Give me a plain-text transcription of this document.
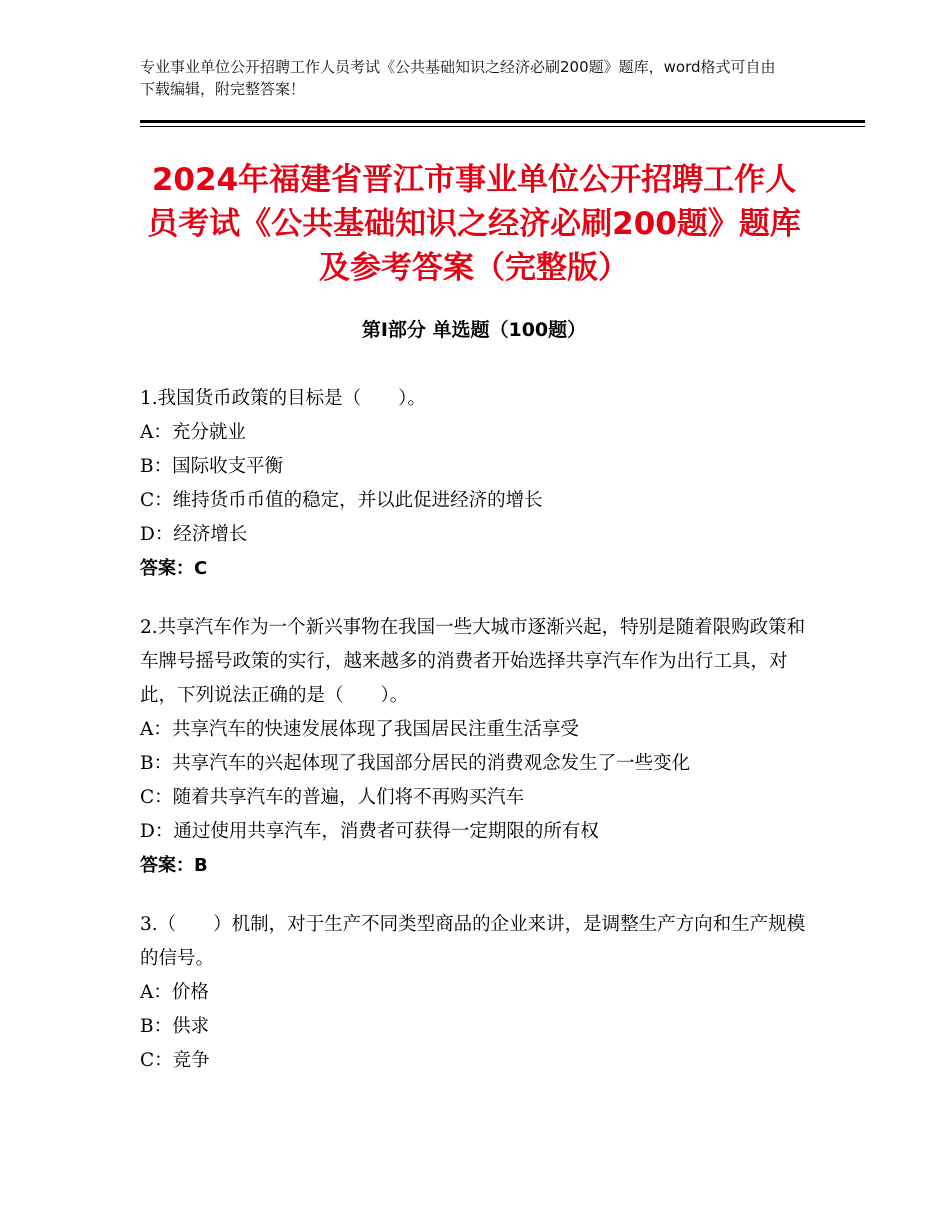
专业事业单位公开招聘工作人员考试《公共基础知识之经济必刷200题》题库，word格式可自由下载编辑，附完整答案！
2024年福建省晋江市事业单位公开招聘工作人员考试《公共基础知识之经济必刷200题》题库及参考答案（完整版）
第Ⅰ部分 单选题（100题）

1.我国货币政策的目标是（　　）。

A：充分就业

B：国际收支平衡

C：维持货币币值的稳定，并以此促进经济的增长

D：经济增长

答案：C

2.共享汽车作为一个新兴事物在我国一些大城市逐渐兴起，特别是随着限购政策和车牌号摇号政策的实行，越来越多的消费者开始选择共享汽车作为出行工具，对此，下列说法正确的是（　　）。

A：共享汽车的快速发展体现了我国居民注重生活享受

B：共享汽车的兴起体现了我国部分居民的消费观念发生了一些变化

C：随着共享汽车的普遍，人们将不再购买汽车

D：通过使用共享汽车，消费者可获得一定期限的所有权

答案：B

3.（　　）机制，对于生产不同类型商品的企业来讲，是调整生产方向和生产规模的信号。

A：价格

B：供求

C：竞争
